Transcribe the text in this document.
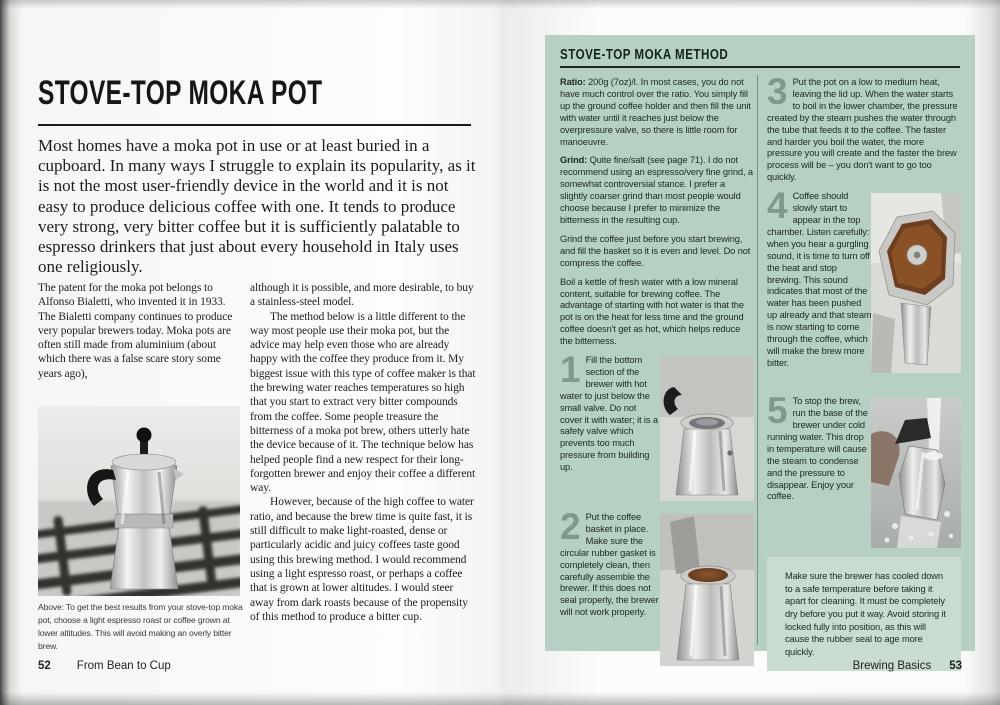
STOVE-TOP MOKA POT

Most homes have a moka pot in use or at least buried in a cupboard. In many ways I struggle to explain its popularity, as it is not the most user-friendly device in the world and it is not easy to produce delicious coffee with one. It tends to produce very strong, very bitter coffee but it is sufficiently palatable to espresso drinkers that just about every household in Italy uses one religiously.

The patent for the moka pot belongs to Alfonso Bialetti, who invented it in 1933. The Bialetti company continues to produce very popular brewers today. Moka pots are often still made from aluminium (about which there was a false scare story some years ago),

although it is possible, and more desirable, to buy a stainless-steel model.

The method below is a little different to the way most people use their moka pot, but the advice may help even those who are already happy with the coffee they produce from it. My biggest issue with this type of coffee maker is that the brewing water reaches temperatures so high that you start to extract very bitter compounds from the coffee. Some people treasure the bitterness of a moka pot brew, others utterly hate the device because of it. The technique below has helped people find a new respect for their long-forgotten brewer and enjoy their coffee a different way.

However, because of the high coffee to water ratio, and because the brew time is quite fast, it is still difficult to make light-roasted, dense or particularly acidic and juicy coffees taste good using this brewing method. I would recommend using a light espresso roast, or perhaps a coffee that is grown at lower altitudes. I would steer away from dark roasts because of the propensity of this method to produce a bitter cup.

Above: To get the best results from your stove-top moka pot, choose a light espresso roast or coffee grown at lower altitudes. This will avoid making an overly bitter brew.

52 From Bean to Cup
STOVE-TOP MOKA METHOD

Ratio: 200g (7oz)/l. In most cases, you do not have much control over the ratio. You simply fill up the ground coffee holder and then fill the unit with water until it reaches just below the overpressure valve, so there is little room for manoeuvre.

Grind: Quite fine/salt (see page 71). I do not recommend using an espresso/very fine grind, a somewhat controversial stance. I prefer a slightly coarser grind than most people would choose because I prefer to minimize the bitterness in the resulting cup.

Grind the coffee just before you start brewing, and fill the basket so it is even and level. Do not compress the coffee.

Boil a kettle of fresh water with a low mineral content, suitable for brewing coffee. The advantage of starting with hot water is that the pot is on the heat for less time and the ground coffee doesn't get as hot, which helps reduce the bitterness.

1 Fill the bottom section of the brewer with hot water to just below the small valve. Do not cover it with water; it is a safety valve which prevents too much pressure from building up.
2 Put the coffee basket in place. Make sure the circular rubber gasket is completely clean, then carefully assemble the brewer. If this does not seal properly, the brewer will not work properly.
3 Put the pot on a low to medium heat, leaving the lid up. When the water starts to boil in the lower chamber, the pressure created by the steam pushes the water through the tube that feeds it to the coffee. The faster and harder you boil the water, the more pressure you will create and the faster the brew process will be – you don't want to go too quickly.
4 Coffee should slowly start to appear in the top chamber. Listen carefully: when you hear a gurgling sound, it is time to turn off the heat and stop brewing. This sound indicates that most of the water has been pushed up already and that steam is now starting to come through the coffee, which will make the brew more bitter.
5 To stop the brew, run the base of the brewer under cold running water. This drop in temperature will cause the steam to condense and the pressure to disappear. Enjoy your coffee.
Make sure the brewer has cooled down to a safe temperature before taking it apart for cleaning. It must be completely dry before you put it way. Avoid storing it locked fully into position, as this will cause the rubber seal to age more quickly.
Brewing Basics 53
